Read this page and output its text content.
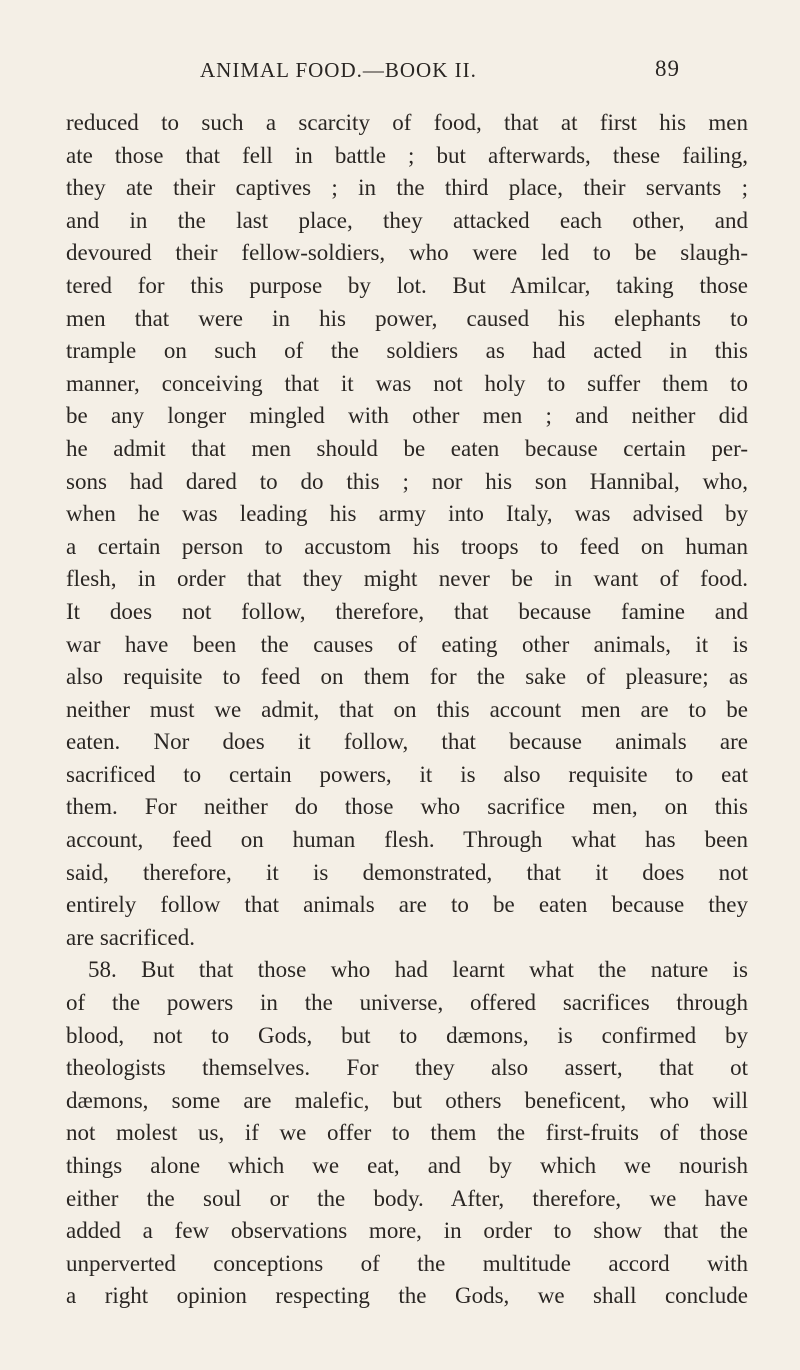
ANIMAL FOOD.—BOOK II.	89
reduced to such a scarcity of food, that at first his men
ate those that fell in battle ; but afterwards, these failing,
they ate their captives ; in the third place, their servants ;
and in the last place, they attacked each other, and
devoured their fellow-soldiers, who were led to be slaugh-
tered for this purpose by lot. But Amilcar, taking those
men that were in his power, caused his elephants to
trample on such of the soldiers as had acted in this
manner, conceiving that it was not holy to suffer them to
be any longer mingled with other men ; and neither did
he admit that men should be eaten because certain per-
sons had dared to do this ; nor his son Hannibal, who,
when he was leading his army into Italy, was advised by
a certain person to accustom his troops to feed on human
flesh, in order that they might never be in want of food.
It does not follow, therefore, that because famine and
war have been the causes of eating other animals, it is
also requisite to feed on them for the sake of pleasure; as
neither must we admit, that on this account men are to be
eaten. Nor does it follow, that because animals are
sacrificed to certain powers, it is also requisite to eat
them. For neither do those who sacrifice men, on this
account, feed on human flesh. Through what has been
said, therefore, it is demonstrated, that it does not
entirely follow that animals are to be eaten because they
are sacrificed.
58. But that those who had learnt what the nature is
of the powers in the universe, offered sacrifices through
blood, not to Gods, but to dæmons, is confirmed by
theologists themselves. For they also assert, that ot
dæmons, some are malefic, but others beneficent, who will
not molest us, if we offer to them the first-fruits of those
things alone which we eat, and by which we nourish
either the soul or the body. After, therefore, we have
added a few observations more, in order to show that the
unperverted conceptions of the multitude accord with
a right opinion respecting the Gods, we shall conclude
